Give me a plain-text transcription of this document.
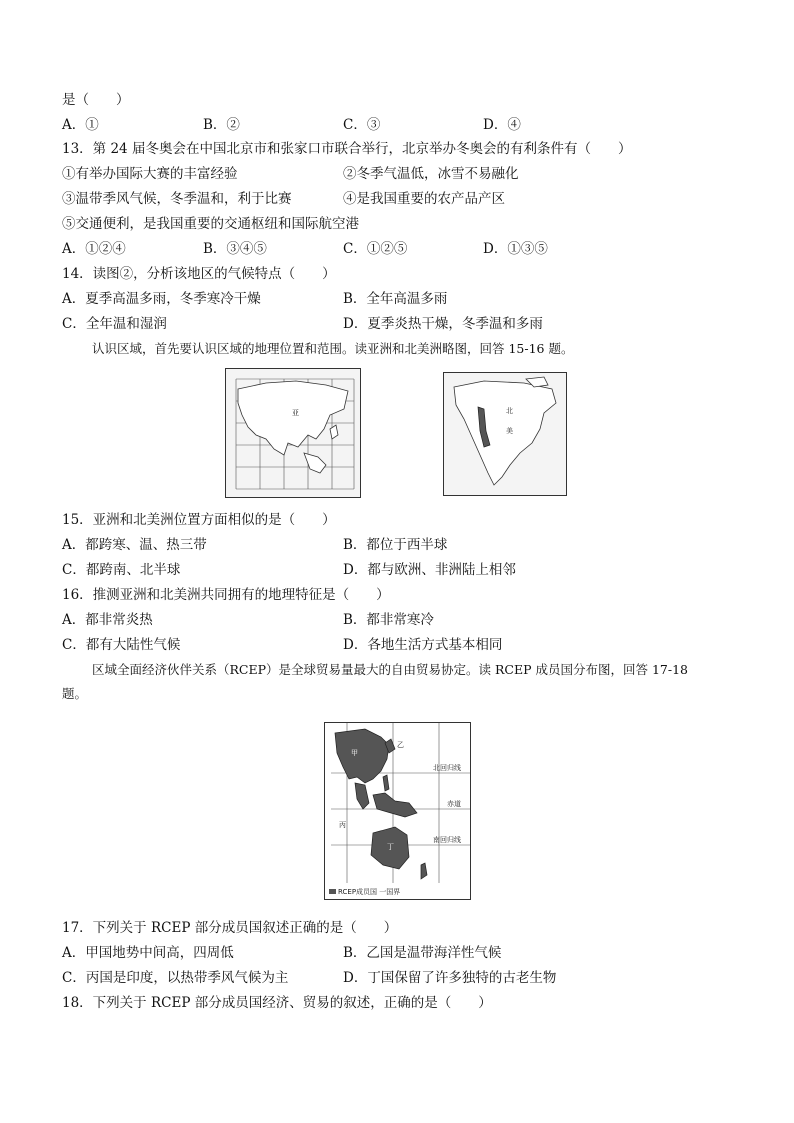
是（　　）
A．①	B．②	C．③	D．④
13．第 24 届冬奥会在中国北京市和张家口市联合举行，北京举办冬奥会的有利条件有（　　）
①有举办国际大赛的丰富经验	②冬季气温低，冰雪不易融化
③温带季风气候，冬季温和，利于比赛	④是我国重要的农产品产区
⑤交通便利，是我国重要的交通枢纽和国际航空港
A．①②④	B．③④⑤	C．①②⑤	D．①③⑤
14．读图②，分析该地区的气候特点（　　）
A．夏季高温多雨，冬季寒冷干燥	B．全年高温多雨
C．全年温和湿润	D．夏季炎热干燥，冬季温和多雨
认识区域，首先要认识区域的地理位置和范围。读亚洲和北美洲略图，回答 15-16 题。
亚	北
美
15．亚洲和北美洲位置方面相似的是（　　）
A．都跨寒、温、热三带	B．都位于西半球
C．都跨南、北半球	D．都与欧洲、非洲陆上相邻
16．推测亚洲和北美洲共同拥有的地理特征是（　　）
A．都非常炎热	B．都非常寒冷
C．都有大陆性气候	D．各地生活方式基本相同
区域全面经济伙伴关系（RCEP）是全球贸易量最大的自由贸易协定。读 RCEP 成员国分布图，回答 17-18
题。
甲
乙
丙
丁
北回归线
赤道
南回归线
RCEP成员国 一国界
17．下列关于 RCEP 部分成员国叙述正确的是（　　）
A．甲国地势中间高，四周低	B．乙国是温带海洋性气候
C．丙国是印度，以热带季风气候为主	D．丁国保留了许多独特的古老生物
18．下列关于 RCEP 部分成员国经济、贸易的叙述，正确的是（　　）
